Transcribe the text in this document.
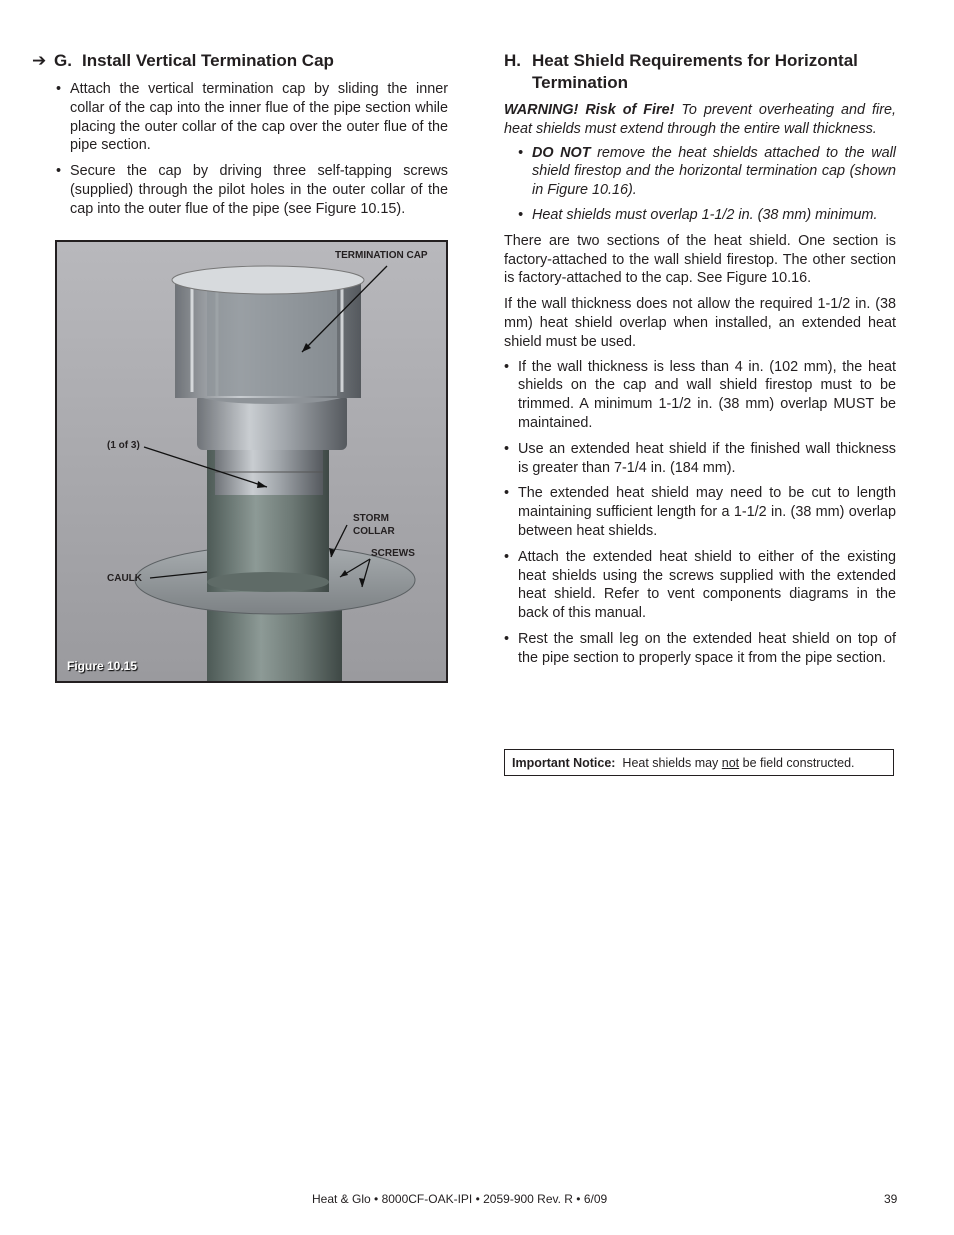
➔ G. Install Vertical Termination Cap
• Attach the vertical termination cap by sliding the inner collar of the cap into the inner flue of the pipe section while placing the outer collar of the cap over the outer flue of the pipe section.
• Secure the cap by driving three self-tapping screws (supplied) through the pilot holes in the outer collar of the cap into the outer flue of the pipe (see Figure 10.15).
TERMINATION CAP
(1 of 3)
STORM
COLLAR
SCREWS
CAULK
Figure 10.15
H. Heat Shield Requirements for Horizontal Termination

WARNING! Risk of Fire! To prevent overheating and fire, heat shields must extend through the entire wall thickness.

• DO NOT remove the heat shields attached to the wall shield firestop and the horizontal termination cap (shown in Figure 10.16).
• Heat shields must overlap 1-1/2 in. (38 mm) minimum.

There are two sections of the heat shield. One section is factory-attached to the wall shield firestop. The other section is factory-attached to the cap. See Figure 10.16.

If the wall thickness does not allow the required 1-1/2 in. (38 mm) heat shield overlap when installed, an extended heat shield must be used.

• If the wall thickness is less than 4 in. (102 mm), the heat shields on the cap and wall shield firestop must to be trimmed. A minimum 1-1/2 in. (38 mm) overlap MUST be maintained.
• Use an extended heat shield if the finished wall thickness is greater than 7-1/4 in. (184 mm).
• The extended heat shield may need to be cut to length maintaining sufficient length for a 1-1/2 in. (38 mm) overlap between heat shields.
• Attach the extended heat shield to either of the existing heat shields using the screws supplied with the extended heat shield. Refer to vent components diagrams in the back of this manual.
• Rest the small leg on the extended heat shield on top of the pipe section to properly space it from the pipe section.
Important Notice:  Heat shields may not be field constructed.
Heat & Glo • 8000CF-OAK-IPI • 2059-900 Rev. R • 6/09	39
